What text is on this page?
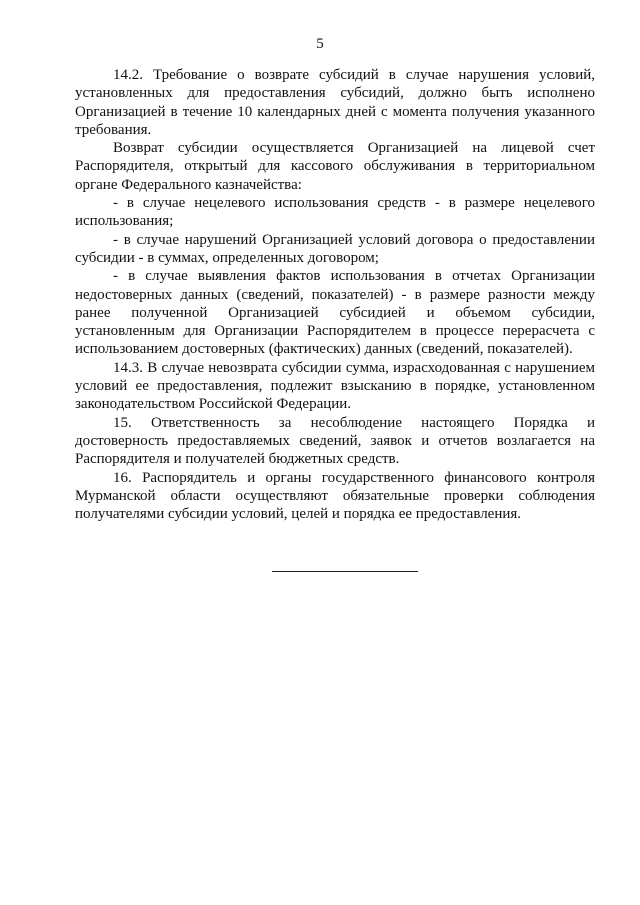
5

14.2. Требование о возврате субсидий в случае нарушения условий, установленных для предоставления субсидий, должно быть исполнено Организацией в течение 10 календарных дней с момента получения указанного требования.

Возврат субсидии осуществляется Организацией на лицевой счет Распорядителя, открытый для кассового обслуживания в территориальном органе Федерального казначейства:

- в случае нецелевого использования средств - в размере нецелевого использования;

- в случае нарушений Организацией условий договора о предоставлении субсидии - в суммах, определенных договором;

- в случае выявления фактов использования в отчетах Организации недостоверных данных (сведений, показателей) - в размере разности между ранее полученной Организацией субсидией и объемом субсидии, установленным для Организации Распорядителем в процессе перерасчета с использованием достоверных (фактических) данных (сведений, показателей).

14.3. В случае невозврата субсидии сумма, израсходованная с нарушением условий ее предоставления, подлежит взысканию в порядке, установленном законодательством Российской Федерации.

15. Ответственность за несоблюдение настоящего Порядка и достоверность предоставляемых сведений, заявок и отчетов возлагается на Распорядителя и получателей бюджетных средств.

16. Распорядитель и органы государственного финансового контроля Мурманской области осуществляют обязательные проверки соблюдения получателями субсидии условий, целей и порядка ее предоставления.
